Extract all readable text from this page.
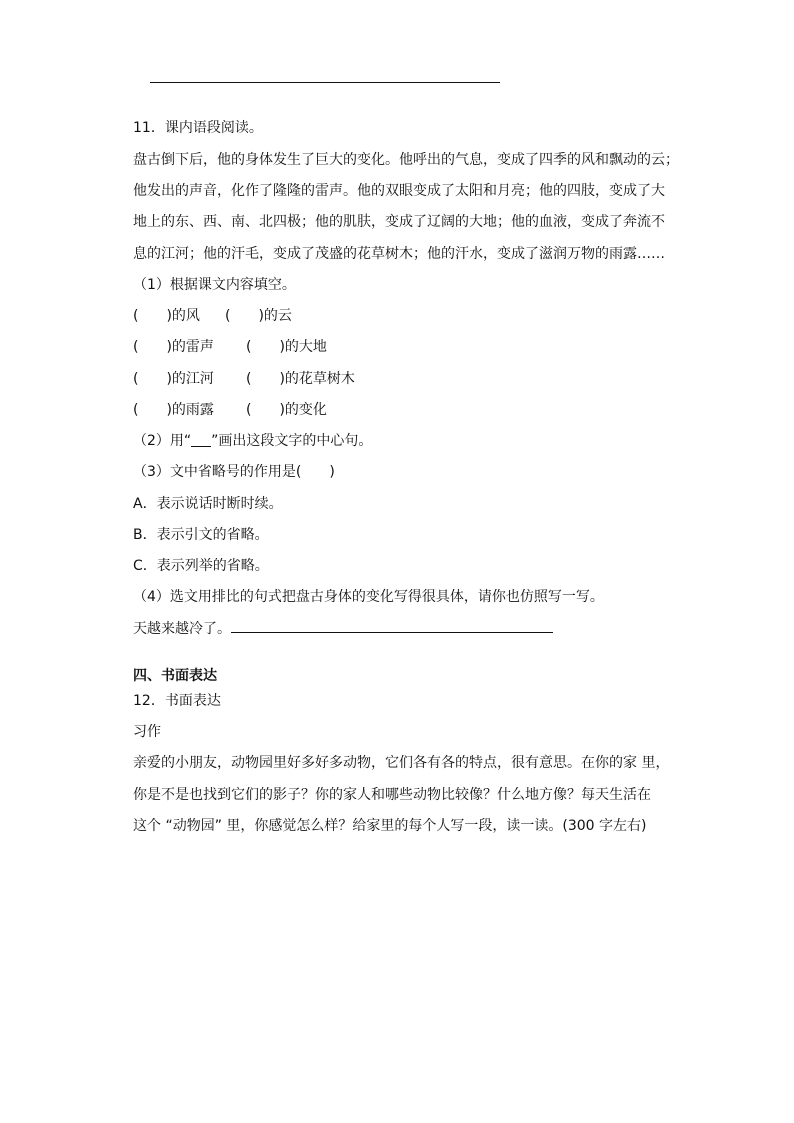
11．课内语段阅读。
盘古倒下后，他的身体发生了巨大的变化。他呼出的气息，变成了四季的风和飘动的云；
他发出的声音，化作了隆隆的雷声。他的双眼变成了太阳和月亮；他的四肢，变成了大
地上的东、西、南、北四极；他的肌肤，变成了辽阔的大地；他的血液，变成了奔流不
息的江河；他的汗毛，变成了茂盛的花草树木；他的汗水，变成了滋润万物的雨露……
（1）根据课文内容填空。
(　　)的风 (　　)的云
(　　)的雷声 (　　)的大地
(　　)的江河 (　　)的花草树木
(　　)的雨露 (　　)的变化
（2）用“ ”画出这段文字的中心句。
（3）文中省略号的作用是(　　)
A．表示说话时断时续。
B．表示引文的省略。
C．表示列举的省略。
（4）选文用排比的句式把盘古身体的变化写得很具体，请你也仿照写一写。
天越来越冷了。
四、书面表达
12．书面表达
习作
亲爱的小朋友，动物园里好多好多动物，它们各有各的特点，很有意思。在你的家 里，
你是不是也找到它们的影子？你的家人和哪些动物比较像？什么地方像？每天生活在
这个 “动物园” 里，你感觉怎么样？给家里的每个人写一段，读一读。(300 字左右)
